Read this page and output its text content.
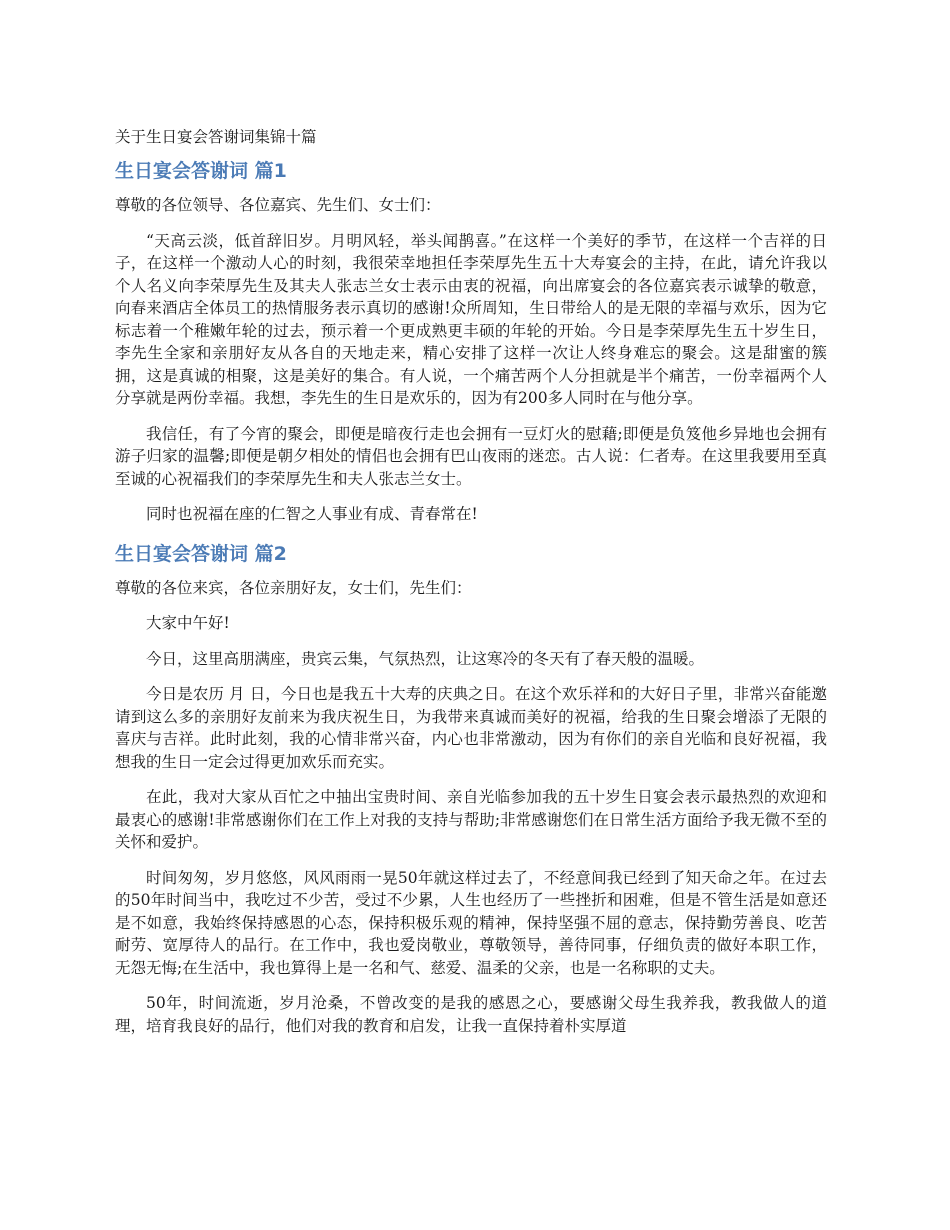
关于生日宴会答谢词集锦十篇
生日宴会答谢词 篇1

尊敬的各位领导、各位嘉宾、先生们、女士们：

“天高云淡，低首辞旧岁。月明风轻，举头闻鹊喜。”在这样一个美好的季节，在这样一个吉祥的日子，在这样一个激动人心的时刻，我很荣幸地担任李荣厚先生五十大寿宴会的主持，在此，请允许我以个人名义向李荣厚先生及其夫人张志兰女士表示由衷的祝福，向出席宴会的各位嘉宾表示诚挚的敬意，向春来酒店全体员工的热情服务表示真切的感谢!众所周知，生日带给人的是无限的幸福与欢乐，因为它标志着一个稚嫩年轮的过去，预示着一个更成熟更丰硕的年轮的开始。今日是李荣厚先生五十岁生日，李先生全家和亲朋好友从各自的天地走来，精心安排了这样一次让人终身难忘的聚会。这是甜蜜的簇拥，这是真诚的相聚，这是美好的集合。有人说，一个痛苦两个人分担就是半个痛苦，一份幸福两个人分享就是两份幸福。我想，李先生的生日是欢乐的，因为有200多人同时在与他分享。

我信任，有了今宵的聚会，即便是暗夜行走也会拥有一豆灯火的慰藉;即便是负笈他乡异地也会拥有游子归家的温馨;即便是朝夕相处的情侣也会拥有巴山夜雨的迷恋。古人说：仁者寿。在这里我要用至真至诚的心祝福我们的李荣厚先生和夫人张志兰女士。

同时也祝福在座的仁智之人事业有成、青春常在!

生日宴会答谢词 篇2

尊敬的各位来宾，各位亲朋好友，女士们，先生们：

大家中午好!

今日，这里高朋满座，贵宾云集，气氛热烈，让这寒冷的冬天有了春天般的温暖。

今日是农历 月 日，今日也是我五十大寿的庆典之日。在这个欢乐祥和的大好日子里，非常兴奋能邀请到这么多的亲朋好友前来为我庆祝生日，为我带来真诚而美好的祝福，给我的生日聚会增添了无限的喜庆与吉祥。此时此刻，我的心情非常兴奋，内心也非常激动，因为有你们的亲自光临和良好祝福，我想我的生日一定会过得更加欢乐而充实。

在此，我对大家从百忙之中抽出宝贵时间、亲自光临参加我的五十岁生日宴会表示最热烈的欢迎和最衷心的感谢!非常感谢你们在工作上对我的支持与帮助;非常感谢您们在日常生活方面给予我无微不至的关怀和爱护。

时间匆匆，岁月悠悠，风风雨雨一晃50年就这样过去了，不经意间我已经到了知天命之年。在过去的50年时间当中，我吃过不少苦，受过不少累，人生也经历了一些挫折和困难，但是不管生活是如意还是不如意，我始终保持感恩的心态，保持积极乐观的精神，保持坚强不屈的意志，保持勤劳善良、吃苦耐劳、宽厚待人的品行。在工作中，我也爱岗敬业，尊敬领导，善待同事，仔细负责的做好本职工作，无怨无悔;在生活中，我也算得上是一名和气、慈爱、温柔的父亲，也是一名称职的丈夫。

50年，时间流逝，岁月沧桑，不曾改变的是我的感恩之心，要感谢父母生我养我，教我做人的道理，培育我良好的品行，他们对我的教育和启发，让我一直保持着朴实厚道
